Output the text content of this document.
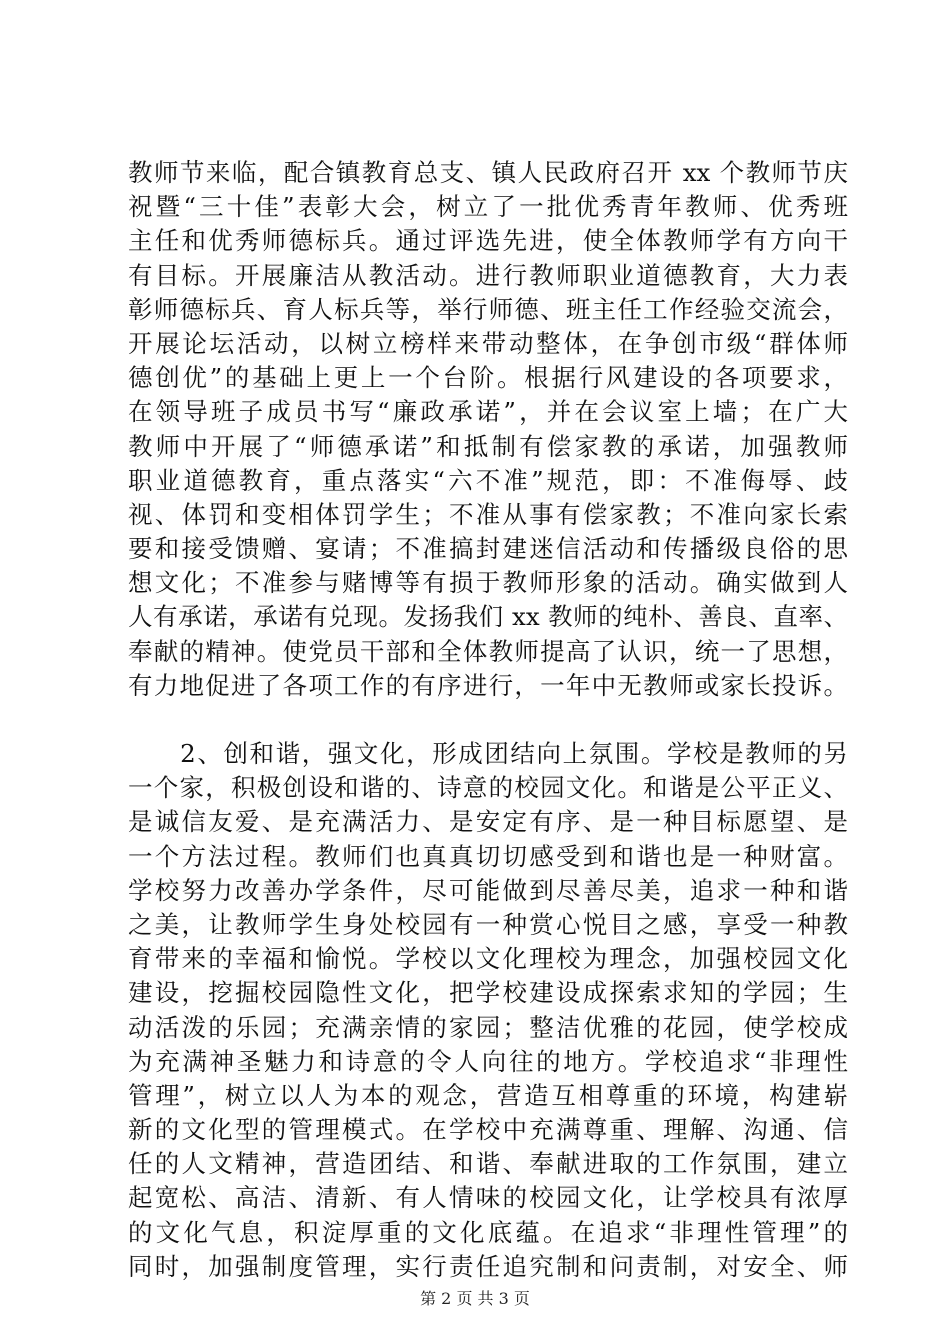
教师节来临，配合镇教育总支、镇人民政府召开 xx 个教师节庆
祝暨“三十佳”表彰大会，树立了一批优秀青年教师、优秀班
主任和优秀师德标兵。通过评选先进，使全体教师学有方向干
有目标。开展廉洁从教活动。进行教师职业道德教育，大力表
彰师德标兵、育人标兵等，举行师德、班主任工作经验交流会，
开展论坛活动，以树立榜样来带动整体，在争创市级“群体师
德创优”的基础上更上一个台阶。根据行风建设的各项要求，
在领导班子成员书写“廉政承诺”，并在会议室上墙；在广大
教师中开展了“师德承诺”和抵制有偿家教的承诺，加强教师
职业道德教育，重点落实“六不准”规范，即：不准侮辱、歧
视、体罚和变相体罚学生；不准从事有偿家教；不准向家长索
要和接受馈赠、宴请；不准搞封建迷信活动和传播级良俗的思
想文化；不准参与赌博等有损于教师形象的活动。确实做到人
人有承诺，承诺有兑现。发扬我们 xx 教师的纯朴、善良、直率、
奉献的精神。使党员干部和全体教师提高了认识，统一了思想，
有力地促进了各项工作的有序进行，一年中无教师或家长投诉。
　　2、创和谐，强文化，形成团结向上氛围。学校是教师的另
一个家，积极创设和谐的、诗意的校园文化。和谐是公平正义、
是诚信友爱、是充满活力、是安定有序、是一种目标愿望、是
一个方法过程。教师们也真真切切感受到和谐也是一种财富。
学校努力改善办学条件，尽可能做到尽善尽美，追求一种和谐
之美，让教师学生身处校园有一种赏心悦目之感，享受一种教
育带来的幸福和愉悦。学校以文化理校为理念，加强校园文化
建设，挖掘校园隐性文化，把学校建设成探索求知的学园；生
动活泼的乐园；充满亲情的家园；整洁优雅的花园，使学校成
为充满神圣魅力和诗意的令人向往的地方。学校追求“非理性
管理”，树立以人为本的观念，营造互相尊重的环境，构建崭
新的文化型的管理模式。在学校中充满尊重、理解、沟通、信
任的人文精神，营造团结、和谐、奉献进取的工作氛围，建立
起宽松、高洁、清新、有人情味的校园文化，让学校具有浓厚
的文化气息，积淀厚重的文化底蕴。在追求“非理性管理”的
同时，加强制度管理，实行责任追究制和问责制，对安全、师
第 2 页 共 3 页
